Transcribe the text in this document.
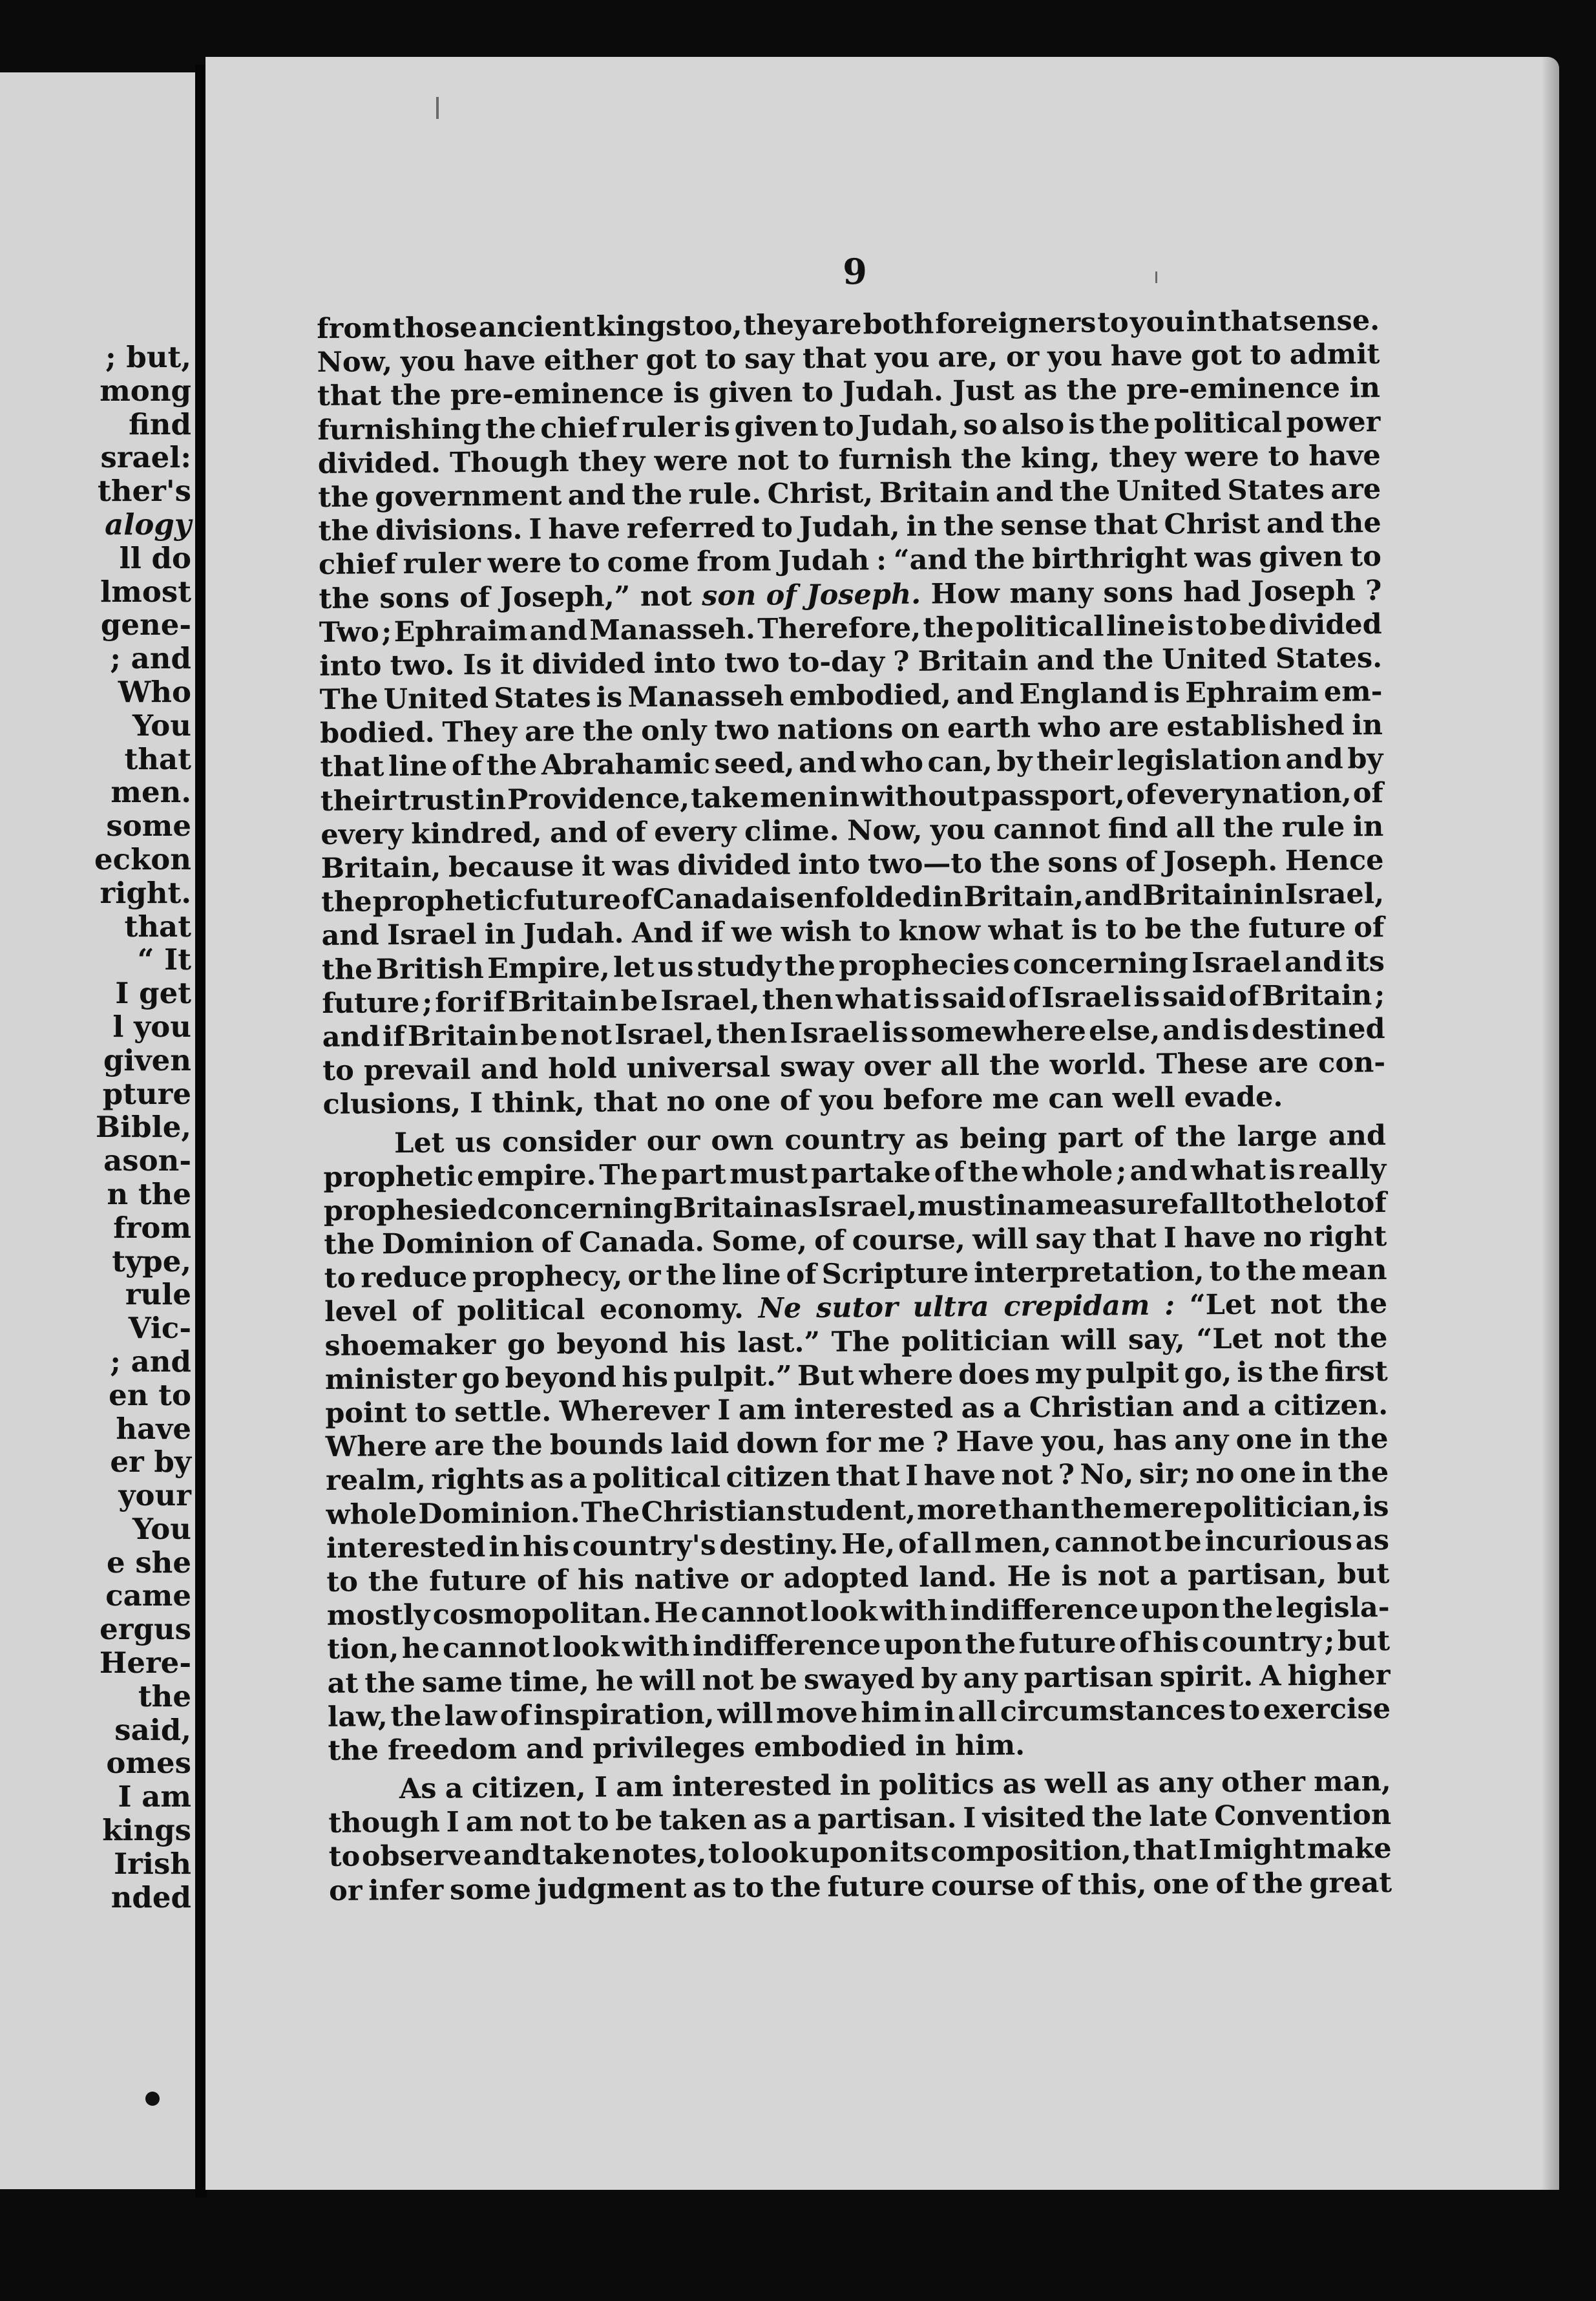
; but,
mong
find
srael:
ther's
alogy
ll do
lmost
gene-
; and
Who
You
that
men.
some
eckon
right.
that
“ It
I get
l you
given
pture
Bible,
ason-
n the
from
type,
rule
Vic-
; and
en to
have
er by
your
You
e she
came
ergus
Here-
the
said,
omes
I am
kings
Irish
nded
9
from those ancient kings too, they are both foreigners to you in that sense.
Now, you have either got to say that you are, or you have got to admit
that the pre-eminence is given to Judah. Just as the pre-eminence in
furnishing the chief ruler is given to Judah, so also is the political power
divided. Though they were not to furnish the king, they were to have
the government and the rule. Christ, Britain and the United States are
the divisions. I have referred to Judah, in the sense that Christ and the
chief ruler were to come from Judah : “and the birthright was given to
the sons of Joseph,” not son of Joseph. How many sons had Joseph ?
Two ; Ephraim and Manasseh. Therefore, the political line is to be divided
into two. Is it divided into two to-day ? Britain and the United States.
The United States is Manasseh embodied, and England is Ephraim em-
bodied. They are the only two nations on earth who are established in
that line of the Abrahamic seed, and who can, by their legislation and by
their trust in Providence, take men in without passport, of every nation, of
every kindred, and of every clime. Now, you cannot find all the rule in
Britain, because it was divided into two—to the sons of Joseph. Hence
the prophetic future of Canada is enfolded in Britain, and Britain in Israel,
and Israel in Judah. And if we wish to know what is to be the future of
the British Empire, let us study the prophecies concerning Israel and its
future ; for if Britain be Israel, then what is said of Israel is said of Britain ;
and if Britain be not Israel, then Israel is somewhere else, and is destined
to prevail and hold universal sway over all the world. These are con-
clusions, I think, that no one of you before me can well evade.
Let us consider our own country as being part of the large and
prophetic empire. The part must partake of the whole ; and what is really
prophesied concerning Britain as Israel, must in a measure fall to the lot of
the Dominion of Canada. Some, of course, will say that I have no right
to reduce prophecy, or the line of Scripture interpretation, to the mean
level of political economy. Ne sutor ultra crepidam : “Let not the
shoemaker go beyond his last.” The politician will say, “Let not the
minister go beyond his pulpit.” But where does my pulpit go, is the first
point to settle. Wherever I am interested as a Christian and a citizen.
Where are the bounds laid down for me ? Have you, has any one in the
realm, rights as a political citizen that I have not ? No, sir; no one in the
whole Dominion. The Christian student, more than the mere politician, is
interested in his country's destiny. He, of all men, cannot be incurious as
to the future of his native or adopted land. He is not a partisan, but
mostly cosmopolitan. He cannot look with indifference upon the legisla-
tion, he cannot look with indifference upon the future of his country ; but
at the same time, he will not be swayed by any partisan spirit. A higher
law, the law of inspiration, will move him in all circumstances to exercise
the freedom and privileges embodied in him.
As a citizen, I am interested in politics as well as any other man,
though I am not to be taken as a partisan. I visited the late Convention
to observe and take notes, to look upon its composition, that I might make
or infer some judgment as to the future course of this, one of the great
